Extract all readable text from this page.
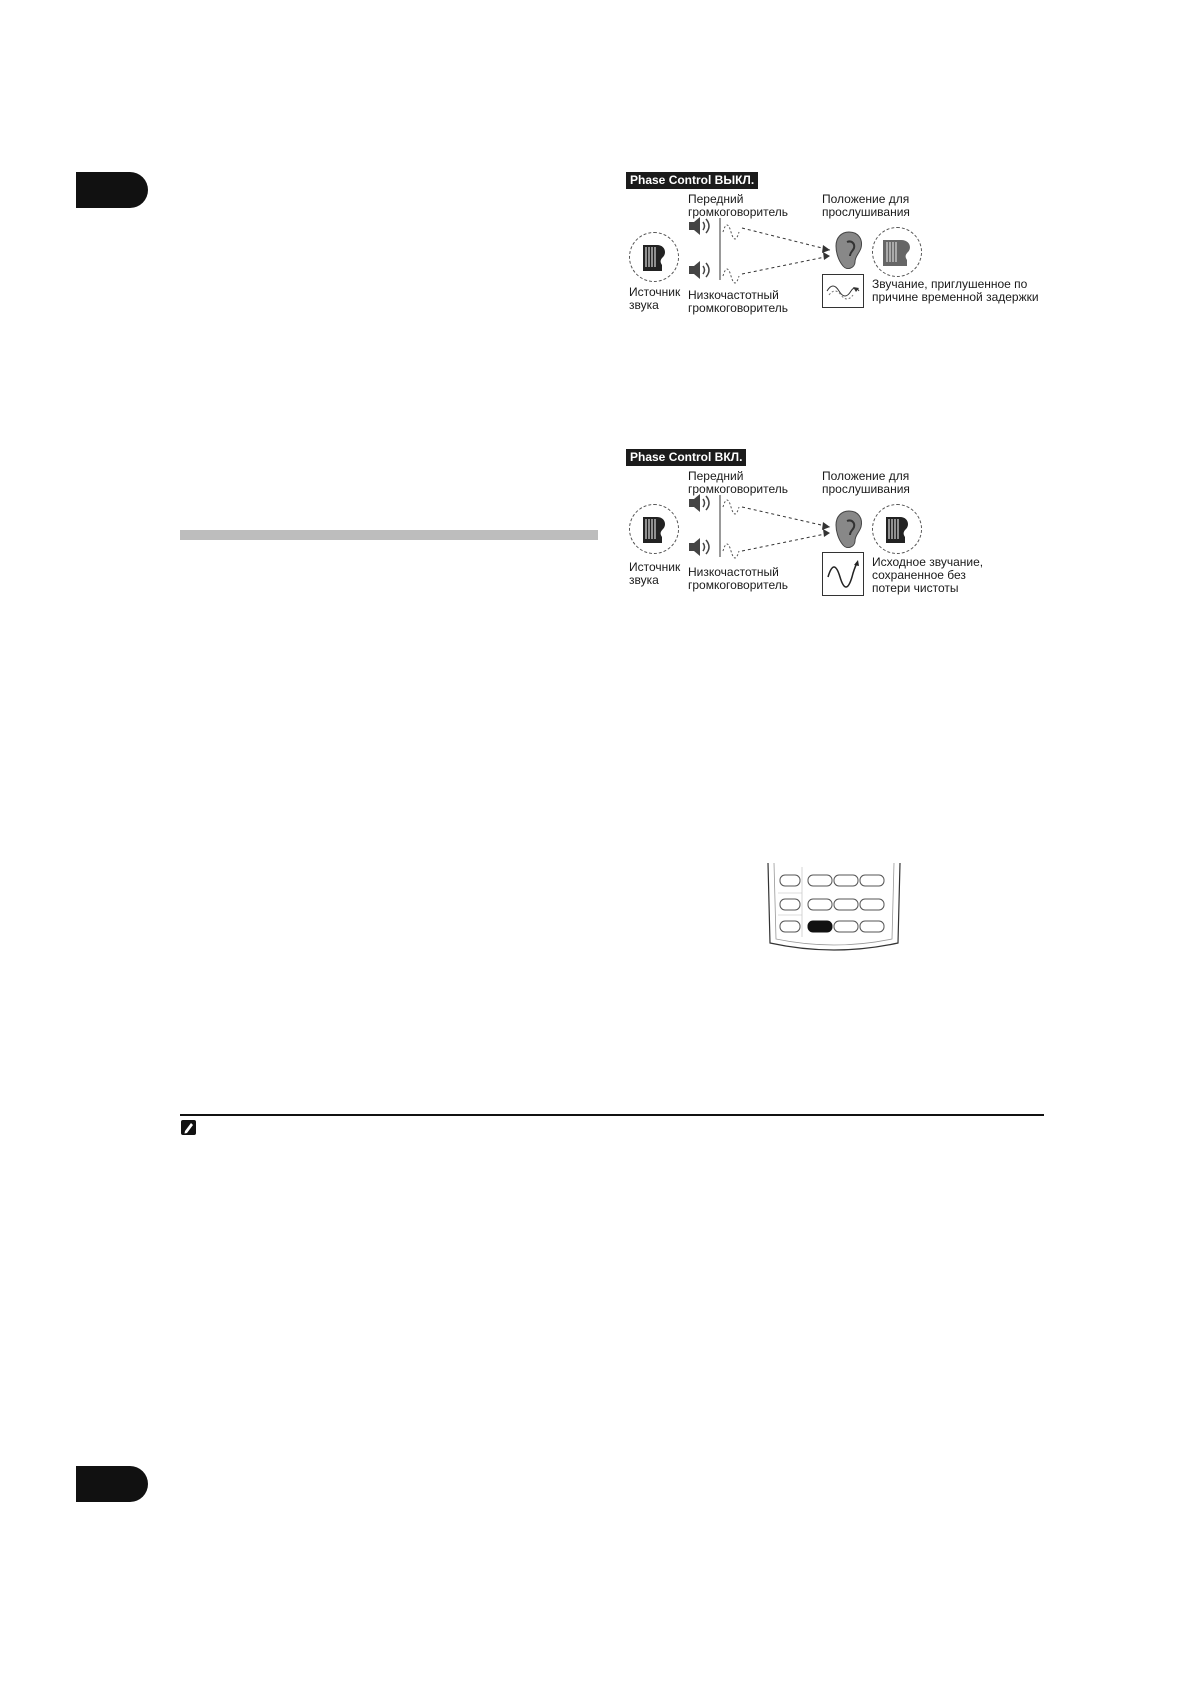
Phase Control ВЫКЛ.
Передний
громкоговоритель
Положение для
прослушивания
Источник
звука
Низкочастотный
громкоговоритель
Звучание, приглушенное по
причине временной задержки
Phase Control ВКЛ.
Передний
громкоговоритель
Положение для
прослушивания
Источник
звука
Низкочастотный
громкоговоритель
Исходное звучание,
сохраненное без
потери чистоты
